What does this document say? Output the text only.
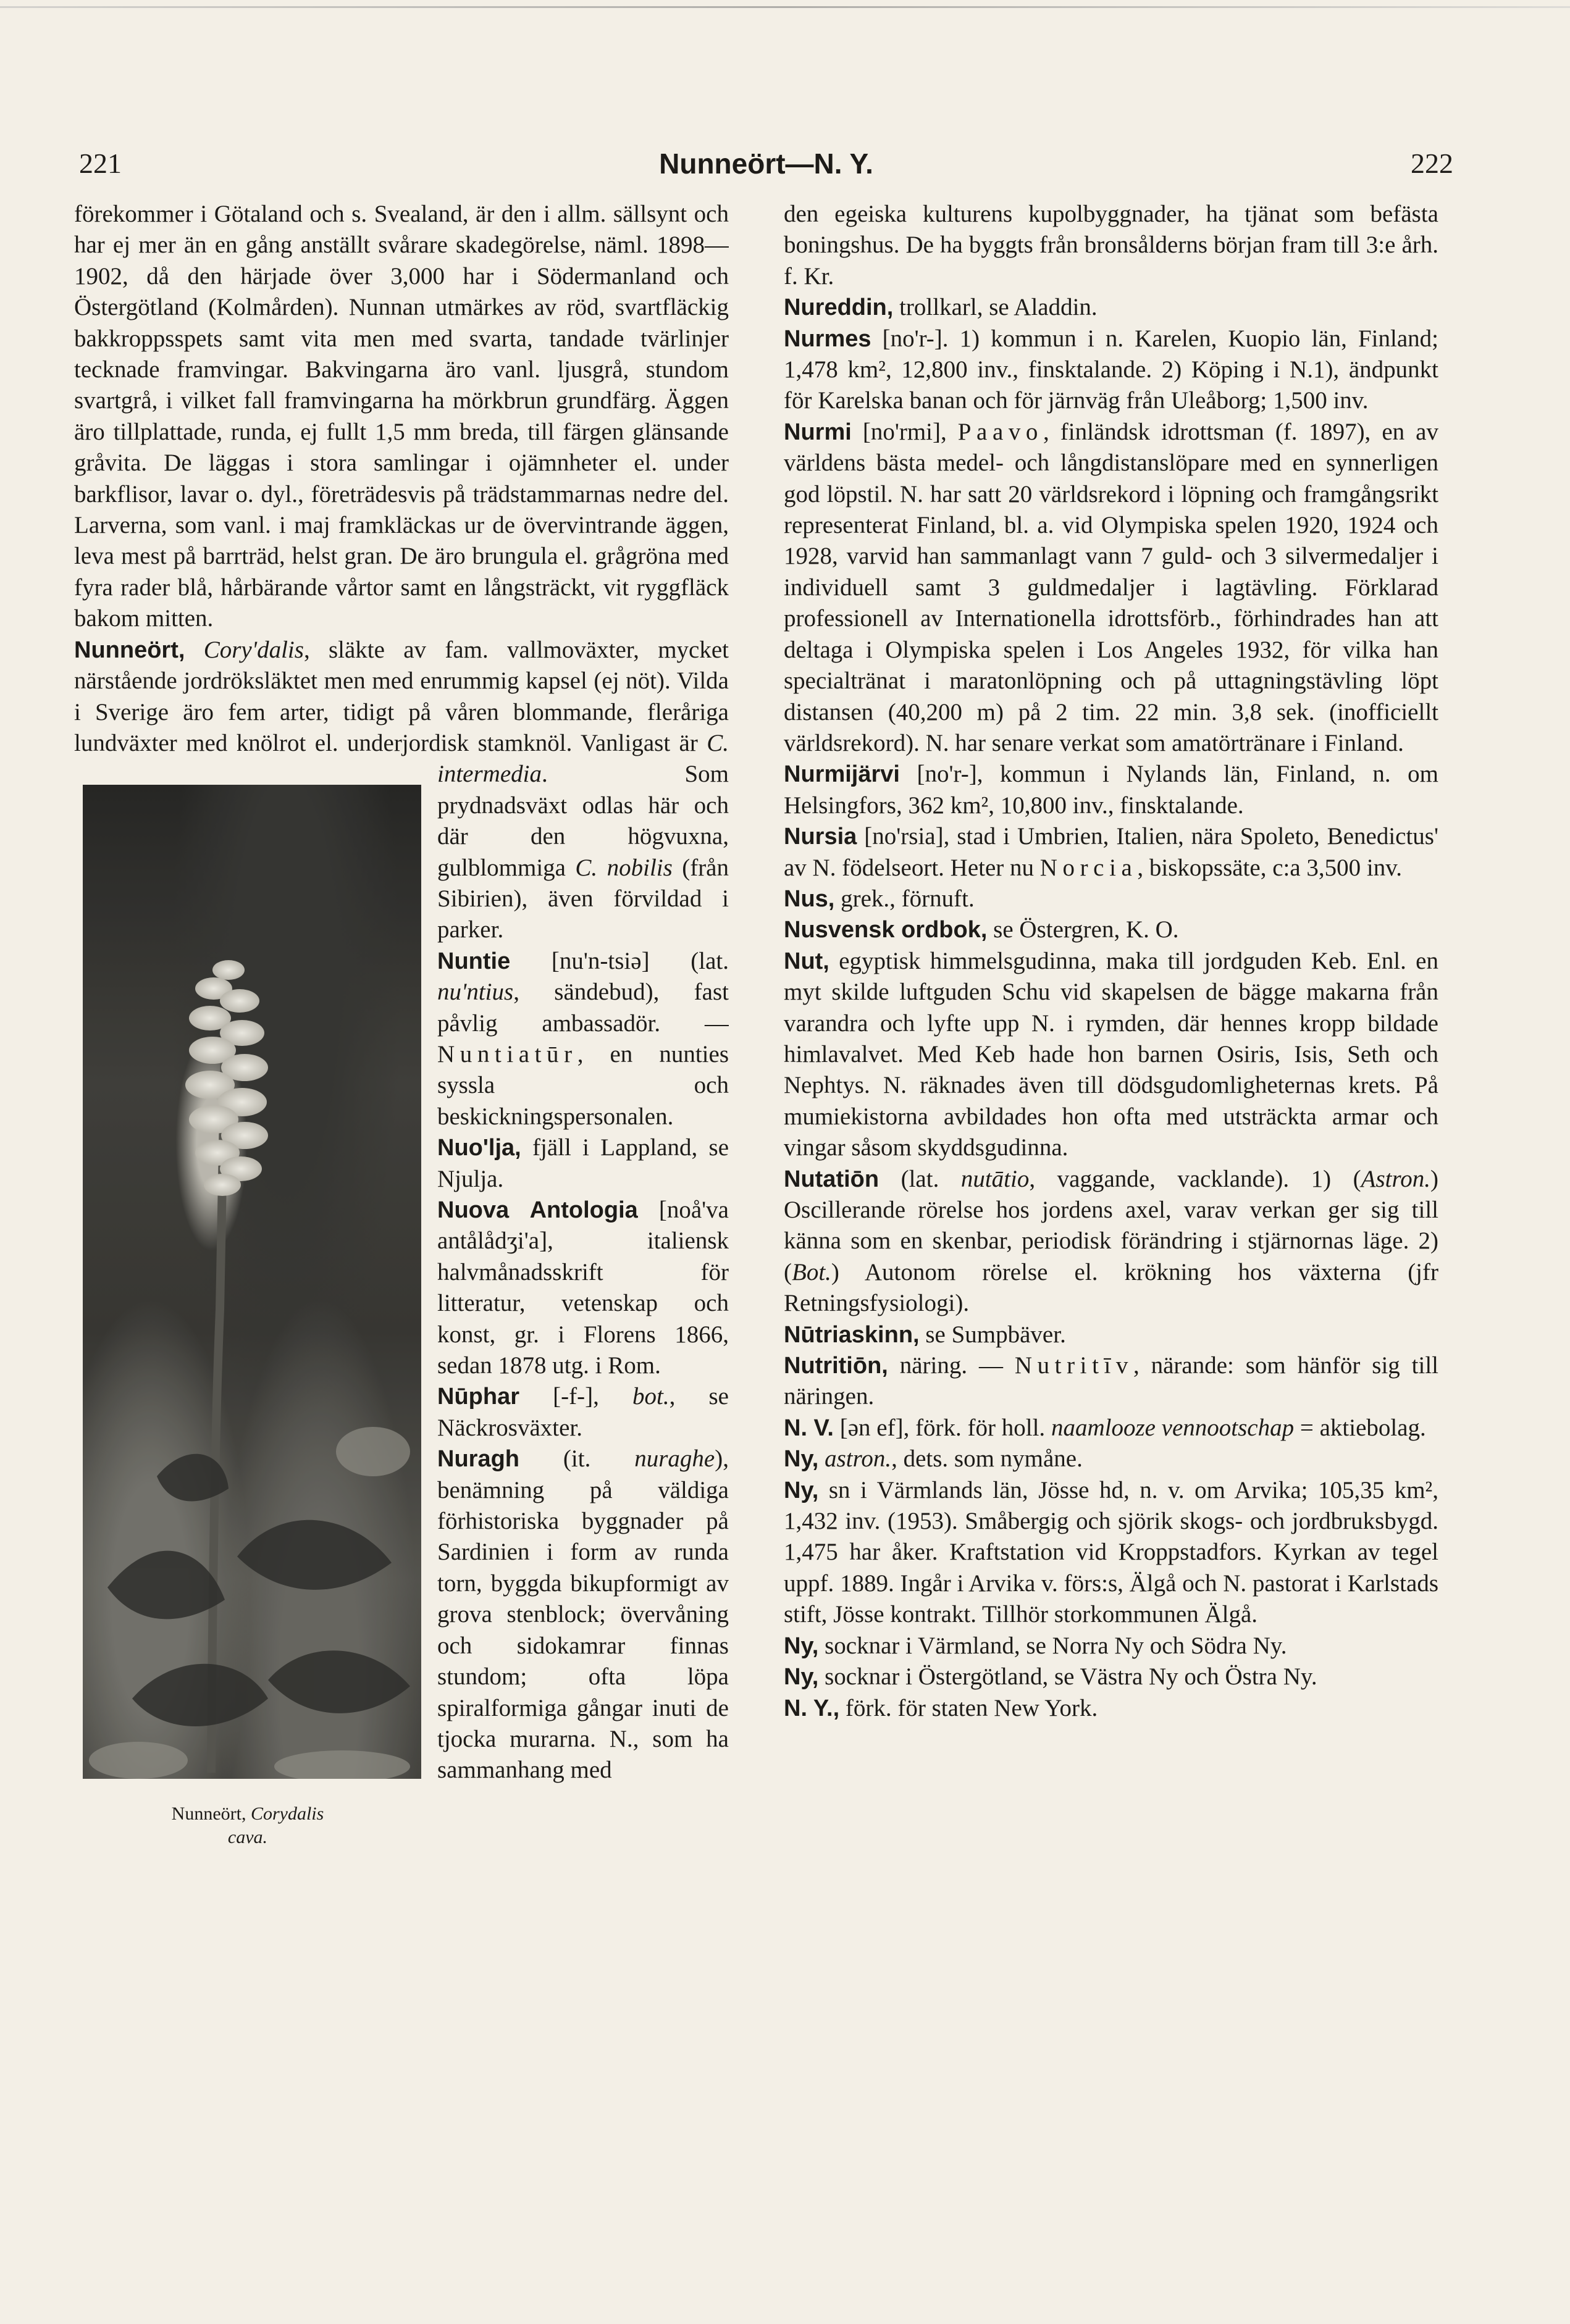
221	Nunneört—N. Y.	222

förekommer i Götaland och s. Svealand, är den i allm. sällsynt och har ej mer än en gång anställt svårare skadegörelse, näml. 1898—1902, då den härjade över 3,000 har i Södermanland och Östergötland (Kolmården). Nunnan utmärkes av röd, svartfläckig bakkroppsspets samt vita men med svarta, tandade tvärlinjer tecknade framvingar. Bakvingarna äro vanl. ljusgrå, stundom svartgrå, i vilket fall framvingarna ha mörkbrun grundfärg. Äggen äro tillplattade, runda, ej fullt 1,5 mm breda, till färgen glänsande gråvita. De läggas i stora samlingar i ojämnheter el. under barkflisor, lavar o. dyl., företrädesvis på trädstammarnas nedre del. Larverna, som vanl. i maj framkläckas ur de övervintrande äggen, leva mest på barrträd, helst gran. De äro brungula el. grågröna med fyra rader blå, hårbärande vårtor samt en långsträckt, vit ryggfläck bakom mitten.

Nunneört, Cory'dalis, släkte av fam. vallmoväxter, mycket närstående jordröksläktet men med enrummig kapsel (ej nöt). Vilda i Sverige äro fem arter, tidigt på våren blommande, fleråriga lundväxter med knölrot el. underjordisk stamknöl. Vanligast är
Nunneört, Corydalis
cava.
C. intermedia. Som prydnadsväxt odlas här och där den högvuxna, gulblommiga C. nobilis (från Sibirien), även förvildad i parker.

Nuntie [nu'n-tsiə] (lat. nu'ntius, sändebud), fast påvlig ambassadör. — Nuntiatūr, en nunties syssla och beskickningspersonalen.

Nuo'lja, fjäll i Lappland, se Njulja.

Nuova Antologia [noå'va antålådʒi'a], italiensk halvmånadsskrift för litteratur, vetenskap och konst, gr. i Florens 1866, sedan 1878 utg. i Rom.

Nūphar [-f-], bot., se Näckrosväxter.

Nuragh (it. nuraghe), benämning på väldiga förhistoriska byggnader på Sardinien i form av runda torn, byggda bikupformigt av grova stenblock; övervåning och sidokamrar finnas stundom; ofta löpa spiralformiga gångar inuti de tjocka murarna. N., som ha sammanhang med

den egeiska kulturens kupolbyggnader, ha tjänat som befästa boningshus. De ha byggts från bronsålderns början fram till 3:e årh. f. Kr.

Nureddin, trollkarl, se Aladdin.

Nurmes [no'r-]. 1) kommun i n. Karelen, Kuopio län, Finland; 1,478 km², 12,800 inv., finsktalande. 2) Köping i N.1), ändpunkt för Karelska banan och för järnväg från Uleåborg; 1,500 inv.

Nurmi [no'rmi], Paavo, finländsk idrottsman (f. 1897), en av världens bästa medel- och långdistanslöpare med en synnerligen god löpstil. N. har satt 20 världsrekord i löpning och framgångsrikt representerat Finland, bl. a. vid Olympiska spelen 1920, 1924 och 1928, varvid han sammanlagt vann 7 guld- och 3 silvermedaljer i individuell samt 3 guldmedaljer i lagtävling. Förklarad professionell av Internationella idrottsförb., förhindrades han att deltaga i Olympiska spelen i Los Angeles 1932, för vilka han specialtränat i maratonlöpning och på uttagningstävling löpt distansen (40,200 m) på 2 tim. 22 min. 3,8 sek. (inofficiellt världsrekord). N. har senare verkat som amatörtränare i Finland.

Nurmijärvi [no'r-], kommun i Nylands län, Finland, n. om Helsingfors, 362 km², 10,800 inv., finsktalande.

Nursia [no'rsia], stad i Umbrien, Italien, nära Spoleto, Benedictus' av N. födelseort. Heter nu Norcia, biskopssäte, c:a 3,500 inv.

Nus, grek., förnuft.

Nusvensk ordbok, se Östergren, K. O.

Nut, egyptisk himmelsgudinna, maka till jordguden Keb. Enl. en myt skilde luftguden Schu vid skapelsen de bägge makarna från varandra och lyfte upp N. i rymden, där hennes kropp bildade himlavalvet. Med Keb hade hon barnen Osiris, Isis, Seth och Nephtys. N. räknades även till dödsgudomligheternas krets. På mumiekistorna avbildades hon ofta med utsträckta armar och vingar såsom skyddsgudinna.

Nutatiōn (lat. nutātio, vaggande, vacklande). 1) (Astron.) Oscillerande rörelse hos jordens axel, varav verkan ger sig till känna som en skenbar, periodisk förändring i stjärnornas läge. 2) (Bot.) Autonom rörelse el. krökning hos växterna (jfr Retningsfysiologi).

Nūtriaskinn, se Sumpbäver.

Nutritiōn, näring. — Nutritīv, närande: som hänför sig till näringen.

N. V. [ən ef], förk. för holl. naamlooze vennootschap = aktiebolag.

Ny, astron., dets. som nymåne.

Ny, sn i Värmlands län, Jösse hd, n. v. om Arvika; 105,35 km², 1,432 inv. (1953). Småbergig och sjörik skogs- och jordbruksbygd. 1,475 har åker. Kraftstation vid Kroppstadfors. Kyrkan av tegel uppf. 1889. Ingår i Arvika v. förs:s, Älgå och N. pastorat i Karlstads stift, Jösse kontrakt. Tillhör storkommunen Älgå.

Ny, socknar i Värmland, se Norra Ny och Södra Ny.

Ny, socknar i Östergötland, se Västra Ny och Östra Ny.

N. Y., förk. för staten New York.
